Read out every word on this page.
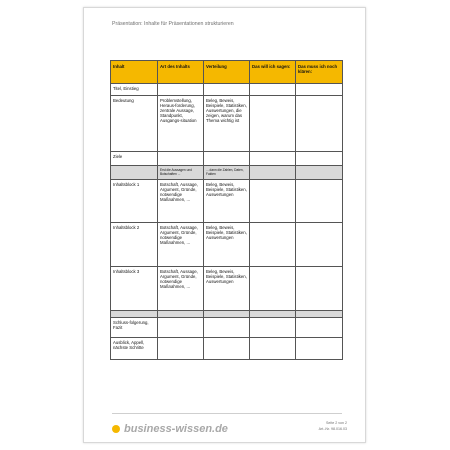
Präsentation: Inhalte für Präsentationen strukturieren
Inhalt	Art des Inhalts	Verteilung	Das will ich sagen:	Das muss ich noch klären:
Titel, Einstieg				
Bedeutung	Problemstellung, Heraus-forderung, zentrale Aussage, Standpunkt, Ausgangs-situation	Beleg, Beweis, Beispiele, Statistiken, Auswertungen, die zeigen, warum das Thema wichtig ist		
Ziele				
	Erst die Aussagen und Botschaften ...	... dann die Zahlen, Daten, Fakten		
Inhaltsblock 1	Botschaft, Aussage, Argument, Gründe, notwendige Maßnahmen, ...	Beleg, Beweis, Beispiele, Statistiken, Auswertungen		
Inhaltsblock 2	Botschaft, Aussage, Argument, Gründe, notwendige Maßnahmen, ...	Beleg, Beweis, Beispiele, Statistiken, Auswertungen		
Inhaltsblock 3	Botschaft, Aussage, Argument, Gründe, notwendige Maßnahmen, ...	Beleg, Beweis, Beispiele, Statistiken, Auswertungen		

Schluss-folgerung, Fazit				
Ausblick, Appell, nächste Schritte				
business-wissen.de	Seite 2 von 2
Art.-Nr. 98.016.03
